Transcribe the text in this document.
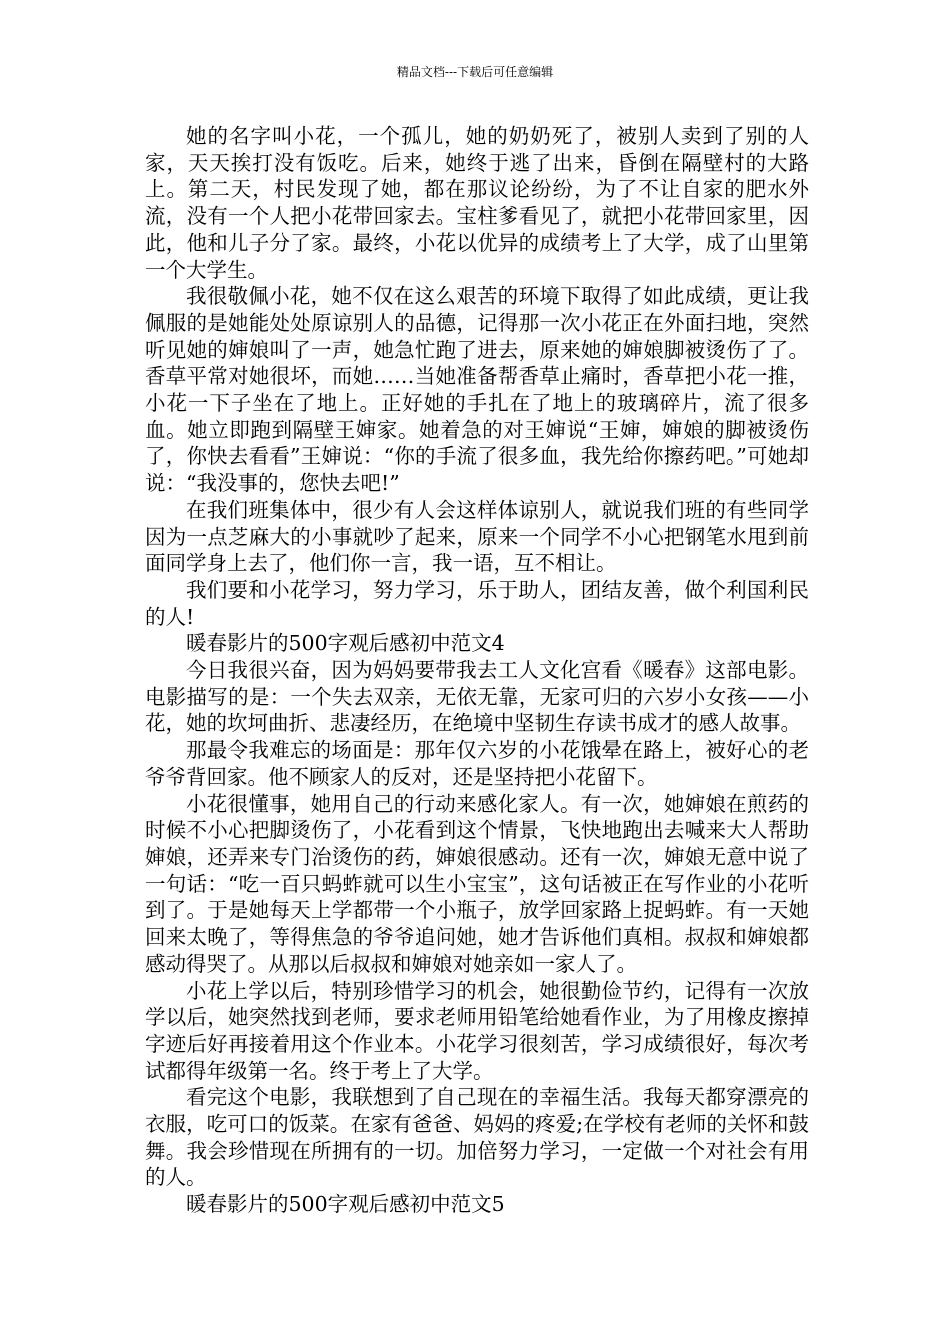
精品文档---下载后可任意编辑

她的名字叫小花，一个孤儿，她的奶奶死了，被别人卖到了别的人家，天天挨打没有饭吃。后来，她终于逃了出来，昏倒在隔壁村的大路上。第二天，村民发现了她，都在那议论纷纷，为了不让自家的肥水外流，没有一个人把小花带回家去。宝柱爹看见了，就把小花带回家里，因此，他和儿子分了家。最终，小花以优异的成绩考上了大学，成了山里第一个大学生。

我很敬佩小花，她不仅在这么艰苦的环境下取得了如此成绩，更让我佩服的是她能处处原谅别人的品德，记得那一次小花正在外面扫地，突然听见她的婶娘叫了一声，她急忙跑了进去，原来她的婶娘脚被烫伤了了。香草平常对她很坏，而她……当她准备帮香草止痛时，香草把小花一推，小花一下子坐在了地上。正好她的手扎在了地上的玻璃碎片，流了很多血。她立即跑到隔壁王婶家。她着急的对王婶说“王婶，婶娘的脚被烫伤了，你快去看看”王婶说：“你的手流了很多血，我先给你擦药吧。”可她却说：“我没事的，您快去吧!”

在我们班集体中，很少有人会这样体谅别人，就说我们班的有些同学因为一点芝麻大的小事就吵了起来，原来一个同学不小心把钢笔水甩到前面同学身上去了，他们你一言，我一语，互不相让。

我们要和小花学习，努力学习，乐于助人，团结友善，做个利国利民的人!

暖春影片的500字观后感初中范文4

今日我很兴奋，因为妈妈要带我去工人文化宫看《暖春》这部电影。电影描写的是：一个失去双亲，无依无靠，无家可归的六岁小女孩——小花，她的坎坷曲折、悲凄经历，在绝境中坚韧生存读书成才的感人故事。

那最令我难忘的场面是：那年仅六岁的小花饿晕在路上，被好心的老爷爷背回家。他不顾家人的反对，还是坚持把小花留下。

小花很懂事，她用自己的行动来感化家人。有一次，她婶娘在煎药的时候不小心把脚烫伤了，小花看到这个情景，飞快地跑出去喊来大人帮助婶娘，还弄来专门治烫伤的药，婶娘很感动。还有一次，婶娘无意中说了一句话：“吃一百只蚂蚱就可以生小宝宝”，这句话被正在写作业的小花听到了。于是她每天上学都带一个小瓶子，放学回家路上捉蚂蚱。有一天她回来太晚了，等得焦急的爷爷追问她，她才告诉他们真相。叔叔和婶娘都感动得哭了。从那以后叔叔和婶娘对她亲如一家人了。

小花上学以后，特别珍惜学习的机会，她很勤俭节约，记得有一次放学以后，她突然找到老师，要求老师用铅笔给她看作业，为了用橡皮擦掉字迹后好再接着用这个作业本。小花学习很刻苦，学习成绩很好，每次考试都得年级第一名。终于考上了大学。

看完这个电影，我联想到了自己现在的幸福生活。我每天都穿漂亮的衣服，吃可口的饭菜。在家有爸爸、妈妈的疼爱;在学校有老师的关怀和鼓舞。我会珍惜现在所拥有的一切。加倍努力学习，一定做一个对社会有用的人。

暖春影片的500字观后感初中范文5
